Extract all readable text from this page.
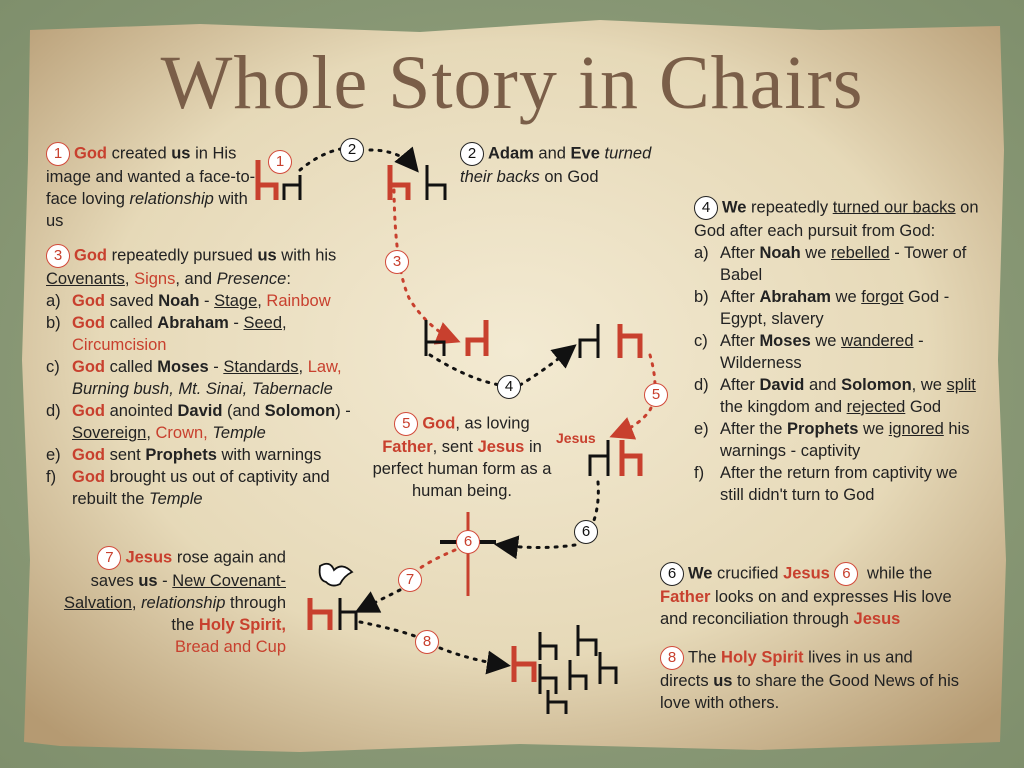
Whole Story in Chairs
1 God created us in His image and wanted a face-to-face loving relationship with us
2 Adam and Eve turned their backs on God
3 God repeatedly pursued us with his Covenants, Signs, and Presence:
a) God saved Noah - Stage, Rainbow
b) God called Abraham - Seed,
Circumcision
c) God called Moses - Standards, Law,
Burning bush, Mt. Sinai, Tabernacle
d) God anointed David (and Solomon) - Sovereign, Crown, Temple
e) God sent Prophets with warnings
f) God brought us out of captivity and rebuilt the Temple
4 We repeatedly turned our backs on God after each pursuit from God:
a) After Noah we rebelled - Tower of Babel
b) After Abraham we forgot God - Egypt, slavery
c) After Moses we wandered - Wilderness
d) After David and Solomon, we split the kingdom and rejected God
e) After the Prophets we ignored his warnings - captivity
f) After the return from captivity we still didn't turn to God
5 God, as loving Father, sent Jesus in perfect human form as a human being.
6 We crucified Jesus 6 while the Father looks on and expresses His love and reconciliation through Jesus
7 Jesus rose again and saves us - New Covenant-Salvation, relationship through the Holy Spirit,
Bread and Cup
8 The Holy Spirit lives in us and directs us to share the Good News of his love with others.
1
2
3
4	5
6
6
7
8
Jesus
